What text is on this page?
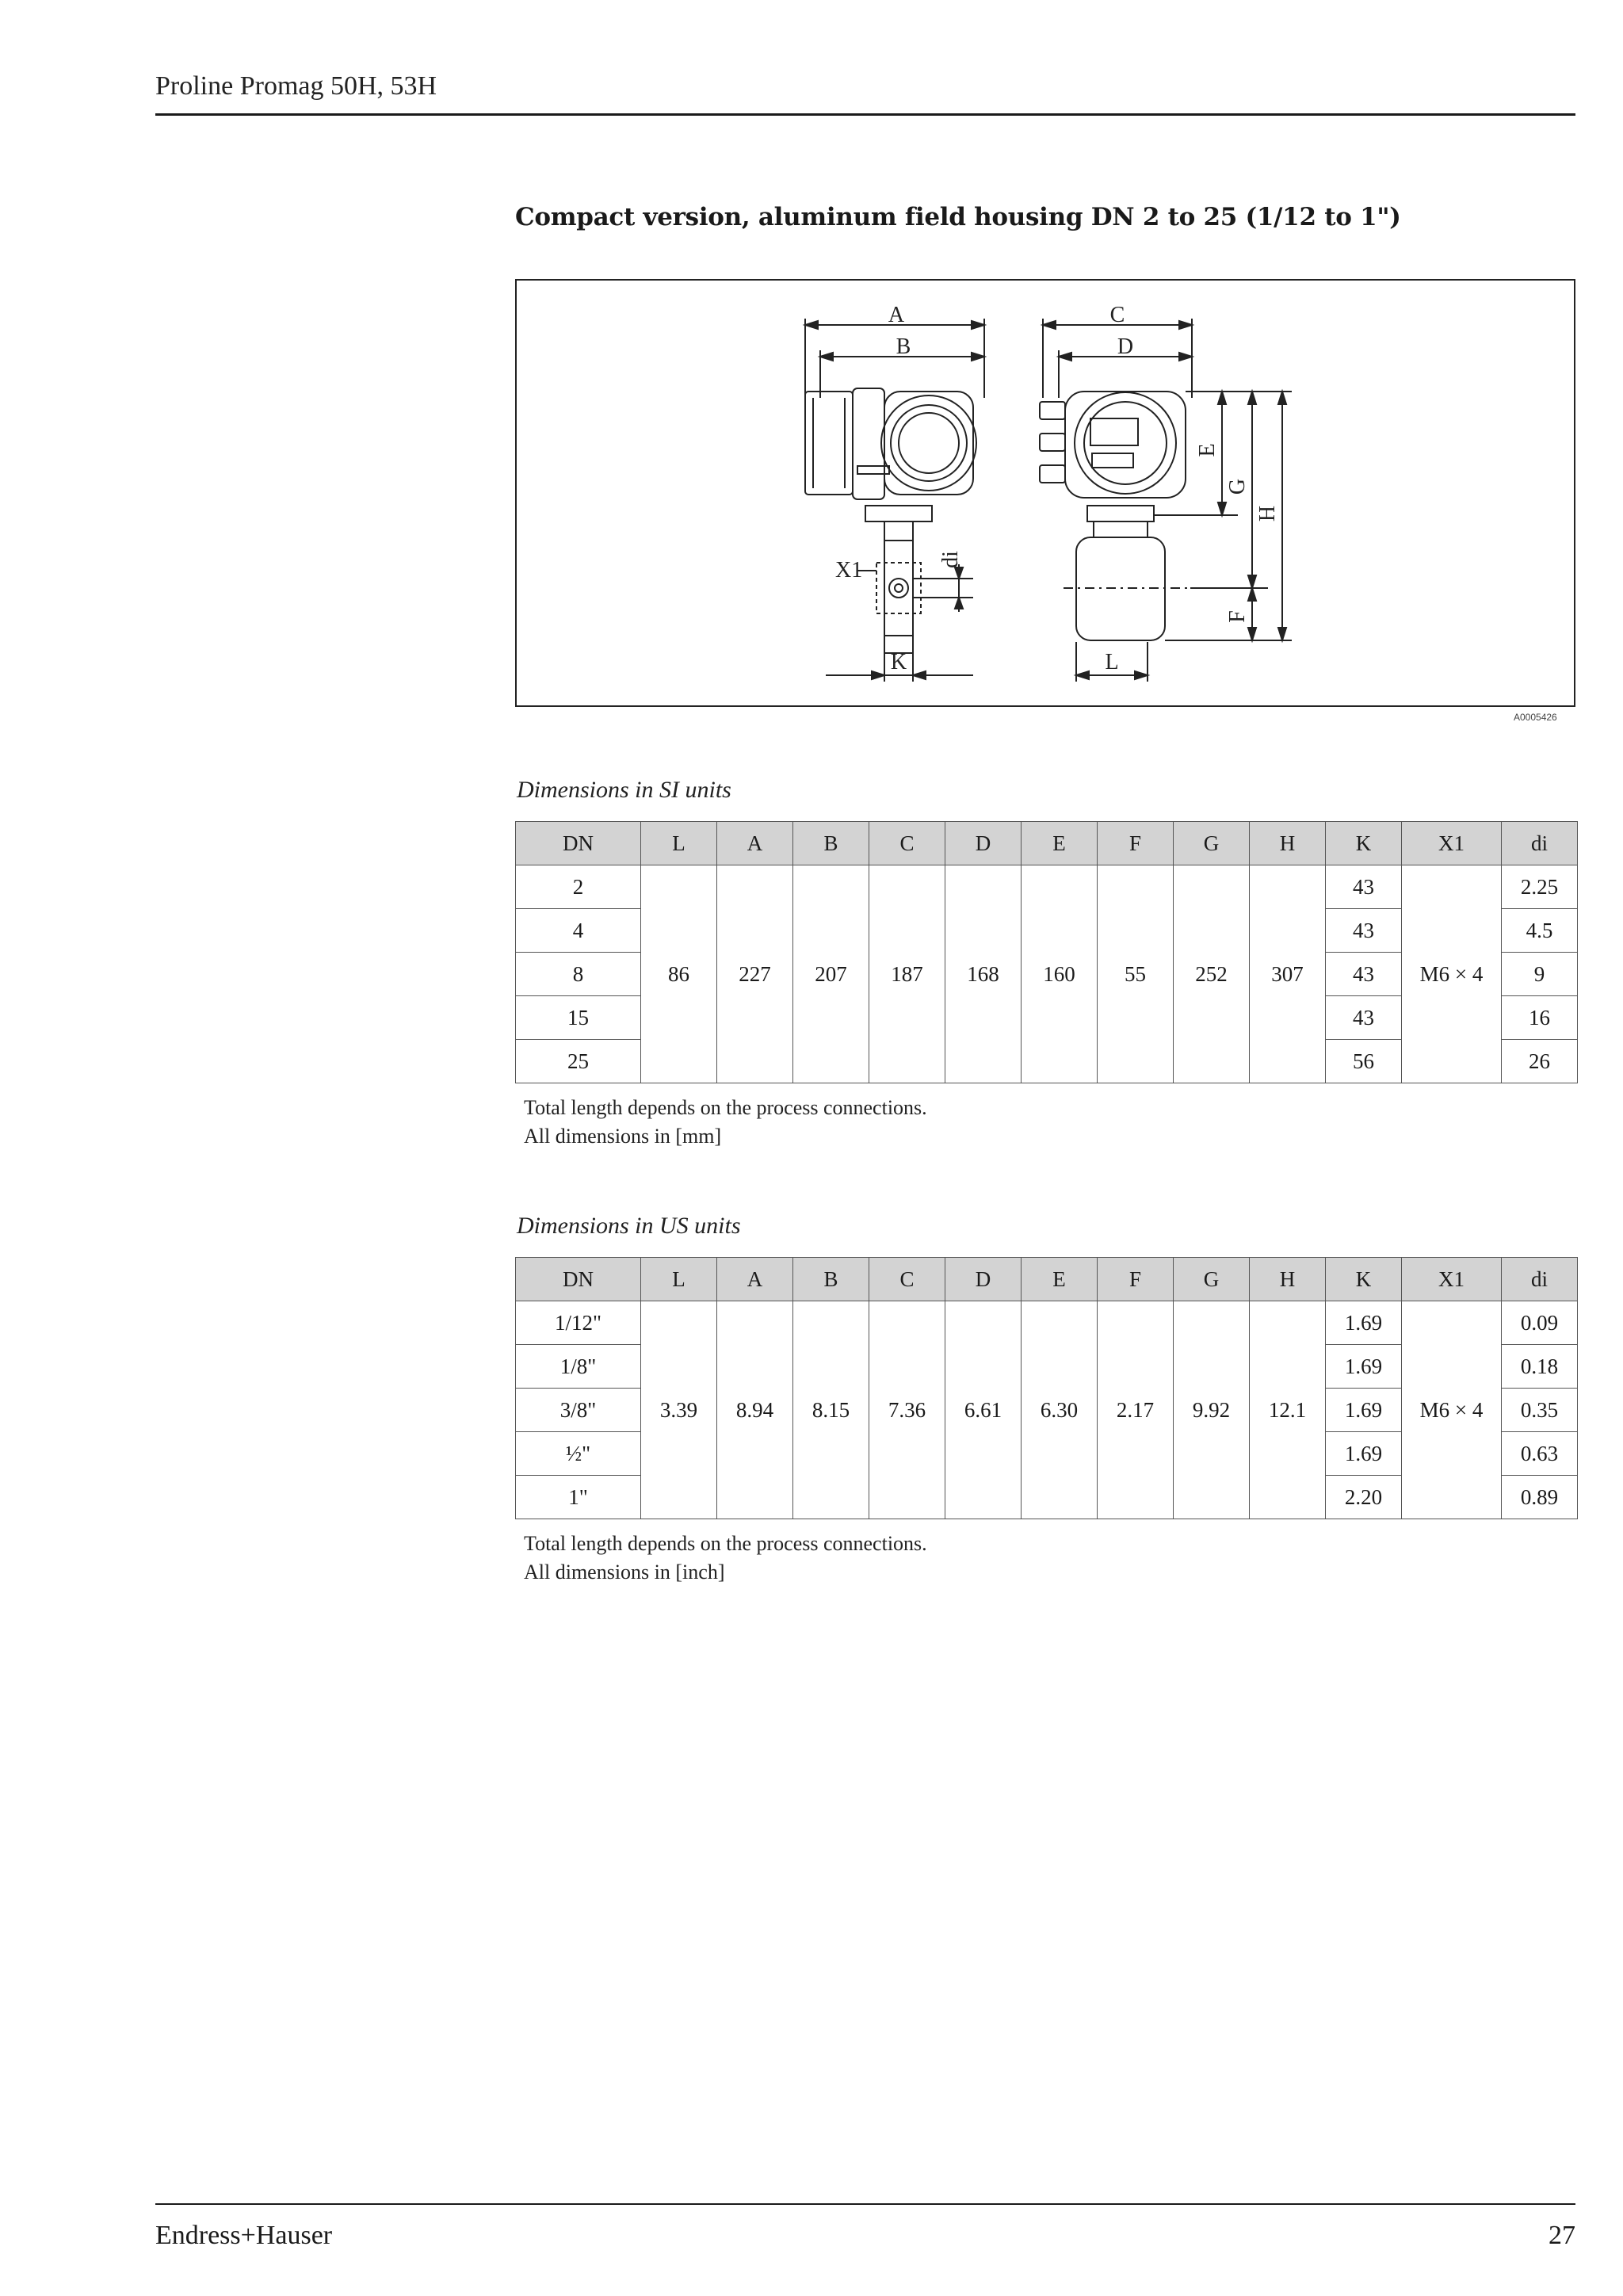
Proline Promag 50H, 53H
Compact version, aluminum field housing DN 2 to 25 (1/12 to 1")
A
B
X1	di
K
C
D
L
E
G
H
F
A0005426
Dimensions in SI units
DN	L	A	B	C	D	E	F	G	H	K	X1	di
2	86	227	207	187	168	160	55	252	307	43	M6 × 4	2.25
4										43		4.5
8										43		9
15										43		16
25										56		26
Total length depends on the process connections.
All dimensions in [mm]
Dimensions in US units
DN	L	A	B	C	D	E	F	G	H	K	X1	di
1/12"	3.39	8.94	8.15	7.36	6.61	6.30	2.17	9.92	12.1	1.69	M6 × 4	0.09
1/8"										1.69		0.18
3/8"										1.69		0.35
½"										1.69		0.63
1"										2.20		0.89
Total length depends on the process connections.
All dimensions in [inch]
Endress+Hauser	27
